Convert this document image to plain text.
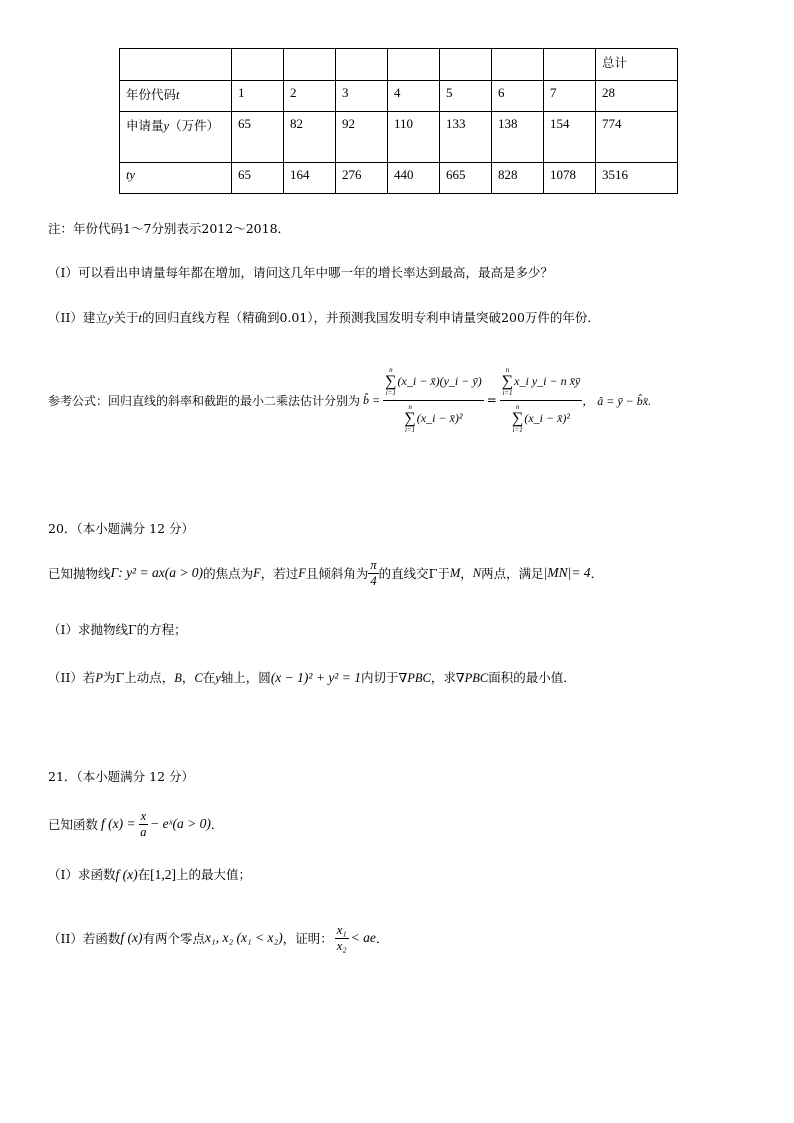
								总计
年份代码t	1	2	3	4	5	6	7	28
申请量y（万件）	65	82	92	110	133	138	154	774
ty	65	164	276	440	665	828	1078	3516
注：年份代码1～7分别表示2012～2018．
（I）可以看出申请量每年都在增加，请问这几年中哪一年的增长率达到最高，最高是多少？
（II）建立y关于t的回归直线方程（精确到0.01），并预测我国发明专利申请量突破200万件的年份．
参考公式：回归直线的斜率和截距的最小二乘法估计分别为 b̂ = n
∑
i=1
(x_i − x̄)(y_i − ȳ)
n
∑
i=1
(x_i − x̄)² = n
∑
i=1
x_i y_i − n x̄ȳ
n
∑
i=1
(x_i − x̄)² ， â = ȳ − b̂x̄.
20．（本小题满分 12 分）
已知抛物线 Γ: y² = ax(a > 0) 的焦点为 F ，若过 F 且倾斜角为 $\frac{\pi}{4}$ 的直线交Γ于 M ， N 两点，满足 |MN|= 4 ．
（I）求抛物线Γ的方程；
（II）若P为Γ上动点，B，C在y轴上，圆(x − 1)² + y² = 1内切于∇PBC，求∇PBC面积的最小值．
21．（本小题满分 12 分）
已知函数 f $(x) = \frac{x}{a}$ − eˣ(a > 0) ．
（I）求函数f (x)在[1,2]上的最大值；
（II）若函数 f (x) 有两个零点 x₁, x₂ (x₁ < x₂) ，证明： $\frac{\text{x₁}}{\text{x₂}}$ < ae ．
